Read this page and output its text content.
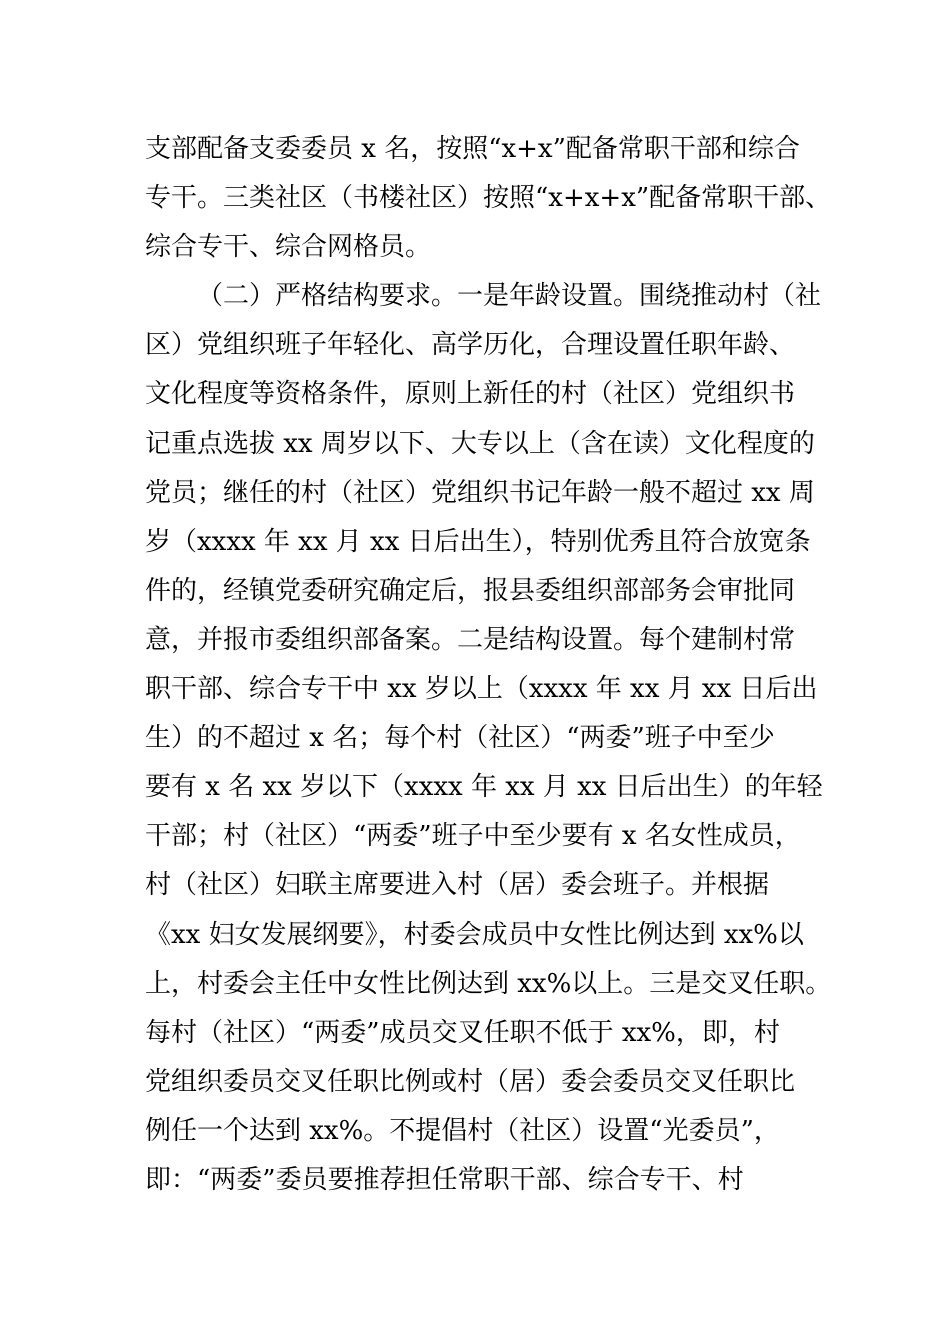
支部配备支委委员 x 名，按照“x+x”配备常职干部和综合
专干。三类社区（书楼社区）按照“x+x+x”配备常职干部、
综合专干、综合网格员。
（二）严格结构要求。一是年龄设置。围绕推动村（社
区）党组织班子年轻化、高学历化，合理设置任职年龄、
文化程度等资格条件，原则上新任的村（社区）党组织书
记重点选拔 xx 周岁以下、大专以上（含在读）文化程度的
党员；继任的村（社区）党组织书记年龄一般不超过 xx 周
岁（xxxx 年 xx 月 xx 日后出生），特别优秀且符合放宽条
件的，经镇党委研究确定后，报县委组织部部务会审批同
意，并报市委组织部备案。二是结构设置。每个建制村常
职干部、综合专干中 xx 岁以上（xxxx 年 xx 月 xx 日后出
生）的不超过 x 名；每个村（社区）“两委”班子中至少
要有 x 名 xx 岁以下（xxxx 年 xx 月 xx 日后出生）的年轻
干部；村（社区）“两委”班子中至少要有 x 名女性成员，
村（社区）妇联主席要进入村（居）委会班子。并根据
《xx 妇女发展纲要》，村委会成员中女性比例达到 xx%以
上，村委会主任中女性比例达到 xx%以上。三是交叉任职。
每村（社区）“两委”成员交叉任职不低于 xx%，即，村
党组织委员交叉任职比例或村（居）委会委员交叉任职比
例任一个达到 xx%。不提倡村（社区）设置“光委员”，
即：“两委”委员要推荐担任常职干部、综合专干、村
